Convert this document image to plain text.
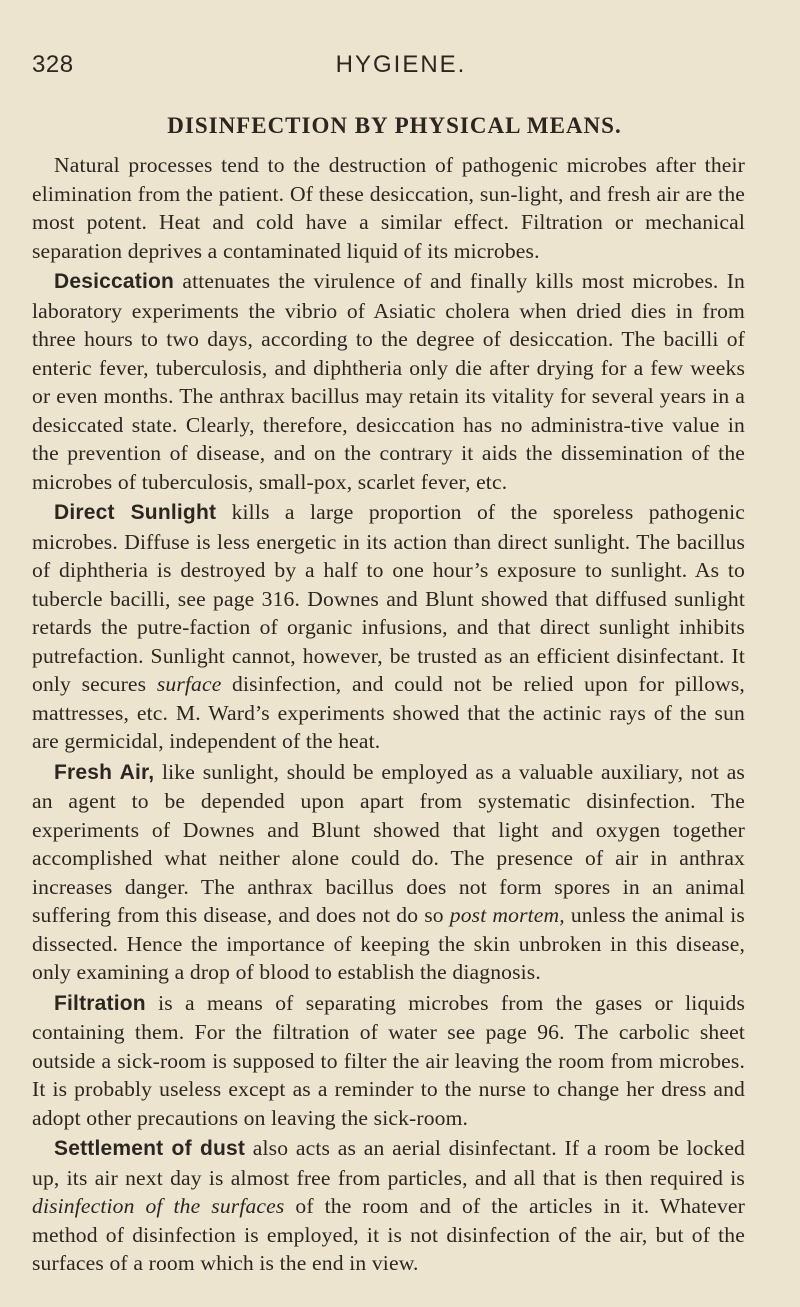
328	HYGIENE.
DISINFECTION BY PHYSICAL MEANS.

Natural processes tend to the destruction of pathogenic microbes after their elimination from the patient. Of these desiccation, sun-light, and fresh air are the most potent. Heat and cold have a similar effect. Filtration or mechanical separation deprives a contaminated liquid of its microbes.

Desiccation attenuates the virulence of and finally kills most microbes. In laboratory experiments the vibrio of Asiatic cholera when dried dies in from three hours to two days, according to the degree of desiccation. The bacilli of enteric fever, tuberculosis, and diphtheria only die after drying for a few weeks or even months. The anthrax bacillus may retain its vitality for several years in a desiccated state. Clearly, therefore, desiccation has no administra-tive value in the prevention of disease, and on the contrary it aids the dissemination of the microbes of tuberculosis, small-pox, scarlet fever, etc.

Direct Sunlight kills a large proportion of the sporeless pathogenic microbes. Diffuse is less energetic in its action than direct sunlight. The bacillus of diphtheria is destroyed by a half to one hour’s exposure to sunlight. As to tubercle bacilli, see page 316. Downes and Blunt showed that diffused sunlight retards the putre-faction of organic infusions, and that direct sunlight inhibits putrefaction. Sunlight cannot, however, be trusted as an efficient disinfectant. It only secures surface disinfection, and could not be relied upon for pillows, mattresses, etc. M. Ward’s experiments showed that the actinic rays of the sun are germicidal, independent of the heat.

Fresh Air, like sunlight, should be employed as a valuable auxiliary, not as an agent to be depended upon apart from systematic disinfection. The experiments of Downes and Blunt showed that light and oxygen together accomplished what neither alone could do. The presence of air in anthrax increases danger. The anthrax bacillus does not form spores in an animal suffering from this disease, and does not do so post mortem, unless the animal is dissected. Hence the importance of keeping the skin unbroken in this disease, only examining a drop of blood to establish the diagnosis.

Filtration is a means of separating microbes from the gases or liquids containing them. For the filtration of water see page 96. The carbolic sheet outside a sick-room is supposed to filter the air leaving the room from microbes. It is probably useless except as a reminder to the nurse to change her dress and adopt other precautions on leaving the sick-room.

Settlement of dust also acts as an aerial disinfectant. If a room be locked up, its air next day is almost free from particles, and all that is then required is disinfection of the surfaces of the room and of the articles in it. Whatever method of disinfection is employed, it is not disinfection of the air, but of the surfaces of a room which is the end in view.
